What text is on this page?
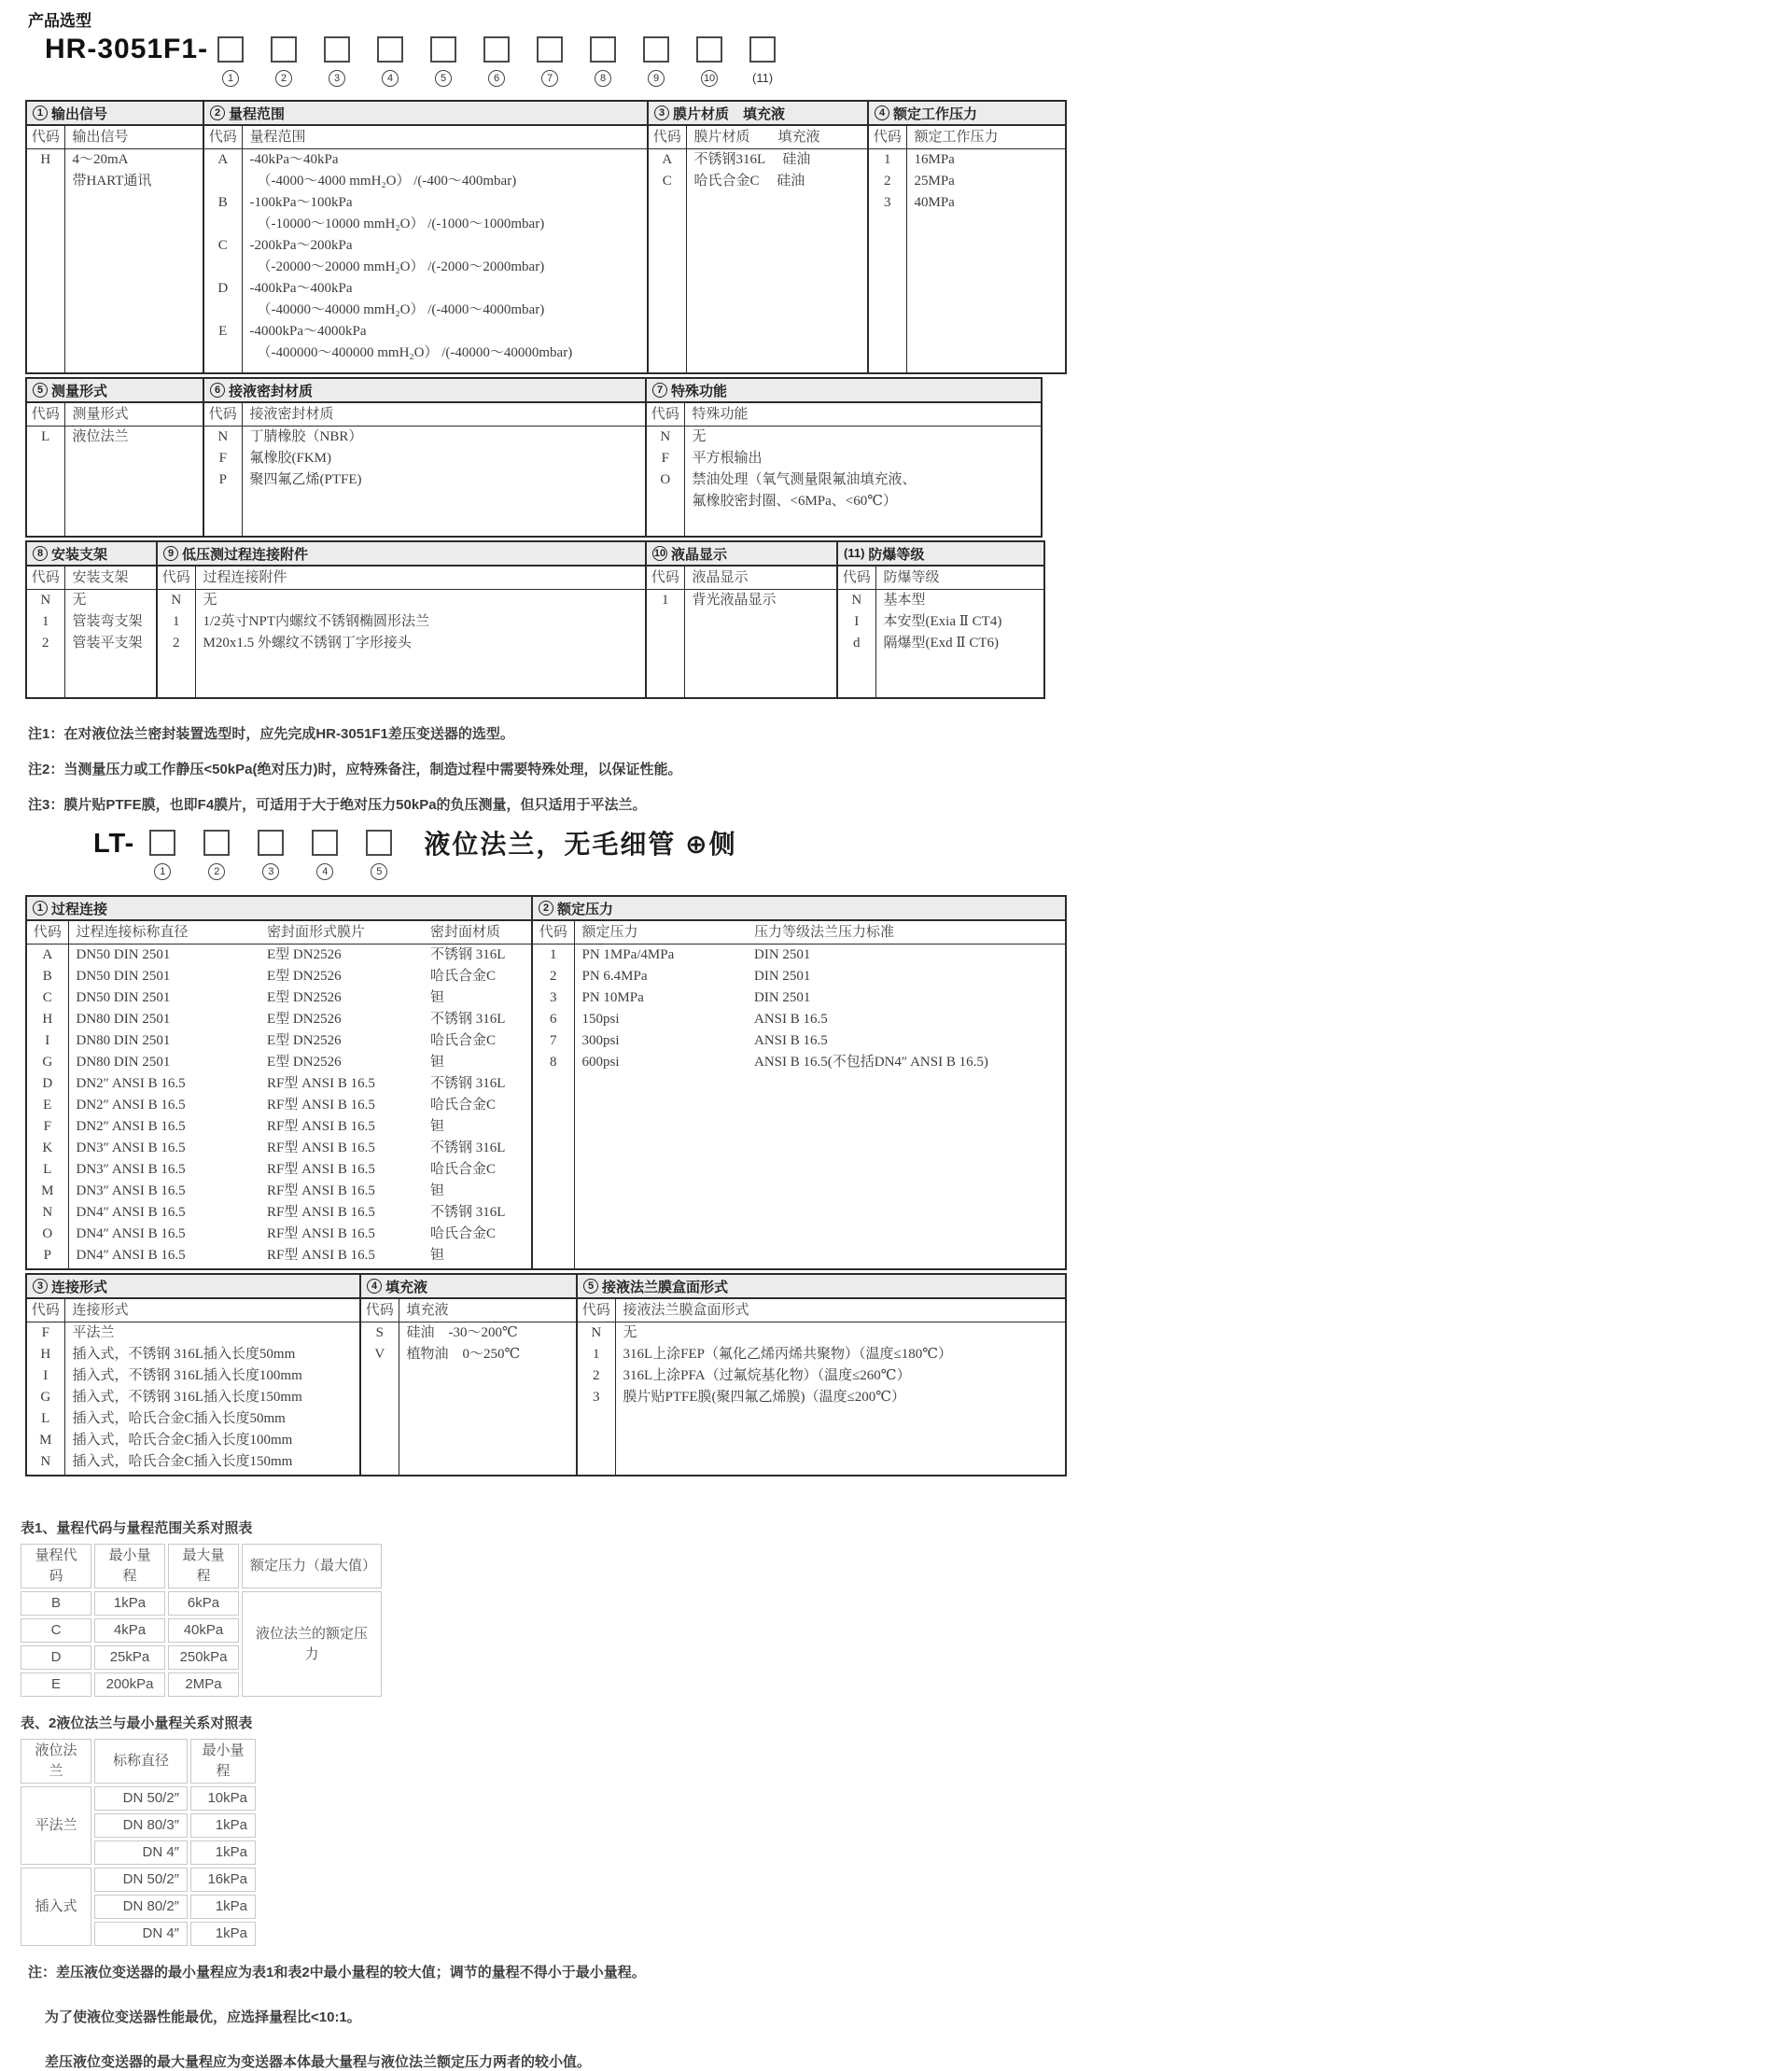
产品选型
HR-3051F1-
1	2	3	4	5	6	7	8	9	10	(11)
1 输出信号
代码	输出信号
H	4～20mA
带HART通讯

2 量程范围
代码	量程范围
A	-40kPa～40kPa
（-4000～4000 mmH₂O） /(-400～400mbar)

B	-100kPa～100kPa
（-10000～10000 mmH₂O） /(-1000～1000mbar)

C	-200kPa～200kPa
（-20000～20000 mmH₂O） /(-2000～2000mbar)

D	-400kPa～400kPa
（-40000～40000 mmH₂O） /(-4000～4000mbar)

E	-4000kPa～4000kPa
（-400000～400000 mmH₂O） /(-40000～40000mbar)

3 膜片材质　填充液
代码	膜片材质　　填充液
A	不锈钢316L　 硅油
C	哈氏合金C　 硅油

4 额定工作压力
代码	额定工作压力
1	16MPa
2	25MPa
3	40MPa

5 测量形式
代码	测量形式
L	液位法兰

6 接液密封材质
代码	接液密封材质
N	丁腈橡胶（NBR）
F	氟橡胶(FKM)
P	聚四氟乙烯(PTFE)

7 特殊功能
代码	特殊功能
N	无
F	平方根输出
O	禁油处理（氧气测量限氟油填充液、
氟橡胶密封圈、<6MPa、<60℃）

8 安装支架
代码	安装支架
N	无
1	管装弯支架
2	管装平支架

9 低压测过程连接附件
代码	过程连接附件
N	无
1	1/2英寸NPT内螺纹不锈钢椭圆形法兰
2	M20x1.5 外螺纹不锈钢丁字形接头

10 液晶显示
代码	液晶显示
1	背光液晶显示

(11) 防爆等级
代码	防爆等级
N	基本型
I	本安型(Exia Ⅱ CT4)
d	隔爆型(Exd Ⅱ CT6)

注1：在对液位法兰密封装置选型时，应先完成HR-3051F1差压变送器的选型。
注2：当测量压力或工作静压<50kPa(绝对压力)时，应特殊备注，制造过程中需要特殊处理，以保证性能。
注3：膜片贴PTFE膜，也即F4膜片，可适用于大于绝对压力50kPa的负压测量，但只适用于平法兰。
LT-
1	2	3	4	5
液位法兰，无毛细管 ⊕侧
1 过程连接
代码	过程连接标称直径	密封面形式膜片	密封面材质
A	DN50 DIN 2501	E型 DN2526	不锈钢 316L
B	DN50 DIN 2501	E型 DN2526	哈氏合金C
C	DN50 DIN 2501	E型 DN2526	钽
H	DN80 DIN 2501	E型 DN2526	不锈钢 316L
I	DN80 DIN 2501	E型 DN2526	哈氏合金C
G	DN80 DIN 2501	E型 DN2526	钽
D	DN2″ ANSI B 16.5	RF型 ANSI B 16.5	不锈钢 316L
E	DN2″ ANSI B 16.5	RF型 ANSI B 16.5	哈氏合金C
F	DN2″ ANSI B 16.5	RF型 ANSI B 16.5	钽
K	DN3″ ANSI B 16.5	RF型 ANSI B 16.5	不锈钢 316L
L	DN3″ ANSI B 16.5	RF型 ANSI B 16.5	哈氏合金C
M	DN3″ ANSI B 16.5	RF型 ANSI B 16.5	钽
N	DN4″ ANSI B 16.5	RF型 ANSI B 16.5	不锈钢 316L
O	DN4″ ANSI B 16.5	RF型 ANSI B 16.5	哈氏合金C
P	DN4″ ANSI B 16.5	RF型 ANSI B 16.5	钽

2 额定压力
代码	额定压力	压力等级法兰压力标准
1	PN 1MPa/4MPa	DIN 2501
2	PN 6.4MPa	DIN 2501
3	PN 10MPa	DIN 2501
6	150psi	ANSI B 16.5
7	300psi	ANSI B 16.5
8	600psi	ANSI B 16.5(不包括DN4″ ANSI B 16.5)

3 连接形式
代码	连接形式
F	平法兰
H	插入式，不锈钢 316L插入长度50mm
I	插入式，不锈钢 316L插入长度100mm
G	插入式，不锈钢 316L插入长度150mm
L	插入式，哈氏合金C插入长度50mm
M	插入式，哈氏合金C插入长度100mm
N	插入式，哈氏合金C插入长度150mm

4 填充液
代码	填充液
S	硅油　-30～200℃
V	植物油　0～250℃

5 接液法兰膜盒面形式
代码	接液法兰膜盒面形式
N	无
1	316L上涂FEP（氟化乙烯丙烯共聚物）（温度≤180℃）
2	316L上涂PFA（过氟烷基化物）（温度≤260℃）
3	膜片贴PTFE膜(聚四氟乙烯膜)（温度≤200℃）

表1、量程代码与量程范围关系对照表
量程代码	最小量程	最大量程	额定压力（最大值）
B	1kPa	6kPa	液位法兰的额定压力
C	4kPa	40kPa	
D	25kPa	250kPa	
E	200kPa	2MPa	
表、2液位法兰与最小量程关系对照表
液位法兰	标称直径	最小量程
平法兰	DN 50/2″	10kPa
	DN 80/3″	1kPa
	DN 4″	1kPa
插入式	DN 50/2″	16kPa
	DN 80/2″	1kPa
	DN 4″	1kPa
注：差压液位变送器的最小量程应为表1和表2中最小量程的较大值；调节的量程不得小于最小量程。
为了使液位变送器性能最优，应选择量程比<10:1。
差压液位变送器的最大量程应为变送器本体最大量程与液位法兰额定压力两者的较小值。
